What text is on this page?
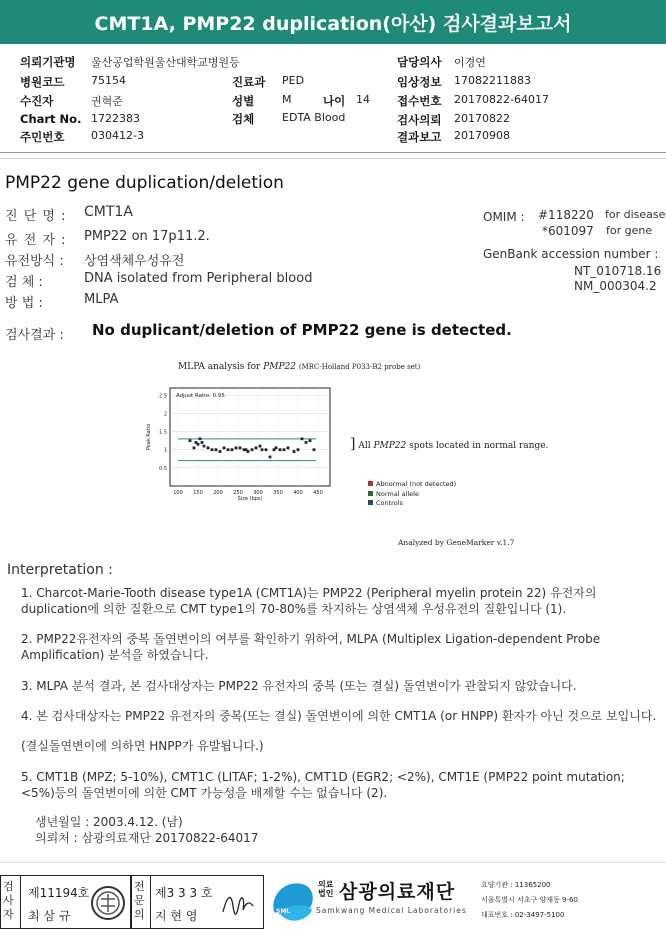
CMT1A, PMP22 duplication(아산) 검사결과보고서
의뢰기관명 울산공업학원울산대학교병원등
병원코드 75154
수진자	권혁준
Chart No. 1722383
주민번호 030412-3
진료과 PED
성별	M	나이 14
검체	EDTA Blood
담당의사 이경연
임상정보 17082211883
접수번호 20170822-64017
검사의뢰 20170822
결과보고 20170908
PMP22 gene duplication/deletion
진 단 명 : CMT1A
유 전 자 : PMP22 on 17p11.2.
유전방식 : 상염색체우성유전
검 체 :	DNA isolated from Peripheral blood
방 법 :	MLPA
OMIM : #118220 for disease
*601097 for gene
GenBank accession number :
NT_010718.16
NM_000304.2
검사결과 : No duplicant/deletion of PMP22 gene is detected.
MLPA analysis for PMP22 (MRC-Holland P033-B2 probe set)
0.5
1
1.5
2
2.5
100 150 200 250 300 350 400 450
Adjust Ratio: 0.95
Size (bps)
Peak Ratio	] All PMP22 spots located in normal range.
Abnormal (not detected)
Normal allele
Controls
Analyzed by GeneMarker v.1.7
Interpretation :
1. Charcot-Marie-Tooth disease type1A (CMT1A)는 PMP22 (Peripheral myelin protein 22) 유전자의 duplication에 의한 질환으로 CMT type1의 70-80%를 차지하는 상염색체 우성유전의 질환입니다 (1).
2. PMP22유전자의 중복 돌연변이의 여부를 확인하기 위하여, MLPA (Multiplex Ligation-dependent Probe Amplification) 분석을 하였습니다.
3. MLPA 분석 결과, 본 검사대상자는 PMP22 유전자의 중복 (또는 결실) 돌연변이가 관찰되지 않았습니다.
4. 본 검사대상자는 PMP22 유전자의 중복(또는 결실) 돌연변이에 의한 CMT1A (or HNPP) 환자가 아닌 것으로 보입니다.
(결실돌연변이에 의하면 HNPP가 유발됩니다.)
5. CMT1B (MPZ; 5-10%), CMT1C (LITAF; 1-2%), CMT1D (EGR2; <2%), CMT1E (PMP22 point mutation; <5%)등의 돌연변이에 의한 CMT 가능성을 배제할 수는 없습니다 (2).
생년월일 : 2003.4.12. (남)
의뢰처 : 삼광의료재단 20170822-64017
검사자
제11194호
최 삼 규
전문의
제3 3 3 호
지 현 영	SML
의료법인 삼광의료재단
Samkwang Medical Laboratories
요양기관 : 11365200
서울특별시 서초구 양재동 9-60
대표번호 : 02-3497-5100
